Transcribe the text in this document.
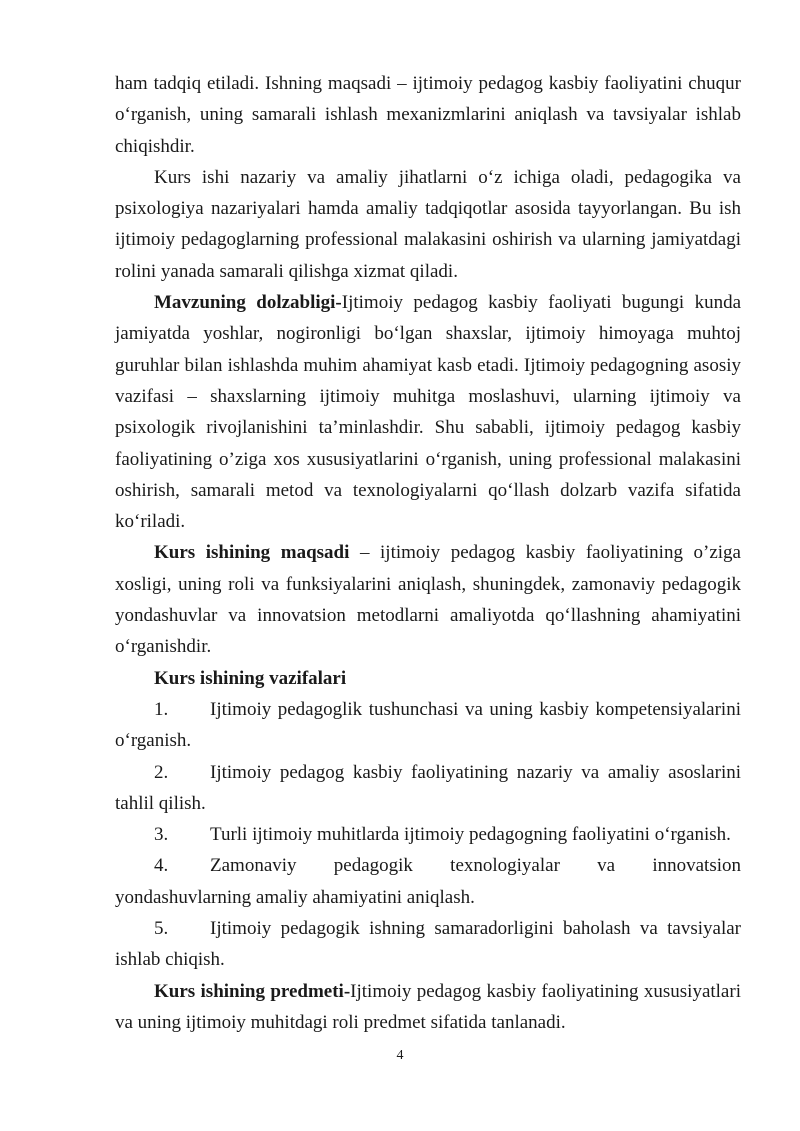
ham tadqiq etiladi. Ishning maqsadi – ijtimoiy pedagog kasbiy faoliyatini chuqur o‘rganish, uning samarali ishlash mexanizmlarini aniqlash va tavsiyalar ishlab chiqishdir.

Kurs ishi nazariy va amaliy jihatlarni o‘z ichiga oladi, pedagogika va psixologiya nazariyalari hamda amaliy tadqiqotlar asosida tayyorlangan. Bu ish ijtimoiy pedagoglarning professional malakasini oshirish va ularning jamiyatdagi rolini yanada samarali qilishga xizmat qiladi.

Mavzuning dolzabligi-Ijtimoiy pedagog kasbiy faoliyati bugungi kunda jamiyatda yoshlar, nogironligi bo‘lgan shaxslar, ijtimoiy himoyaga muhtoj guruhlar bilan ishlashda muhim ahamiyat kasb etadi. Ijtimoiy pedagogning asosiy vazifasi – shaxslarning ijtimoiy muhitga moslashuvi, ularning ijtimoiy va psixologik rivojlanishini ta’minlashdir. Shu sababli, ijtimoiy pedagog kasbiy faoliyatining o’ziga xos xususiyatlarini o‘rganish, uning professional malakasini oshirish, samarali metod va texnologiyalarni qo‘llash dolzarb vazifa sifatida ko‘riladi.

Kurs ishining maqsadi – ijtimoiy pedagog kasbiy faoliyatining o’ziga xosligi, uning roli va funksiyalarini aniqlash, shuningdek, zamonaviy pedagogik yondashuvlar va innovatsion metodlarni amaliyotda qo‘llashning ahamiyatini o‘rganishdir.

Kurs ishining vazifalari

1. Ijtimoiy pedagoglik tushunchasi va uning kasbiy kompetensiyalarini o‘rganish.

2. Ijtimoiy pedagog kasbiy faoliyatining nazariy va amaliy asoslarini tahlil qilish.

3. Turli ijtimoiy muhitlarda ijtimoiy pedagogning faoliyatini o‘rganish.

4. Zamonaviy pedagogik texnologiyalar va innovatsion yondashuvlarning amaliy ahamiyatini aniqlash.

5. Ijtimoiy pedagogik ishning samaradorligini baholash va tavsiyalar ishlab chiqish.

Kurs ishining predmeti-Ijtimoiy pedagog kasbiy faoliyatining xususiyatlari va uning ijtimoiy muhitdagi roli predmet sifatida tanlanadi.

4
